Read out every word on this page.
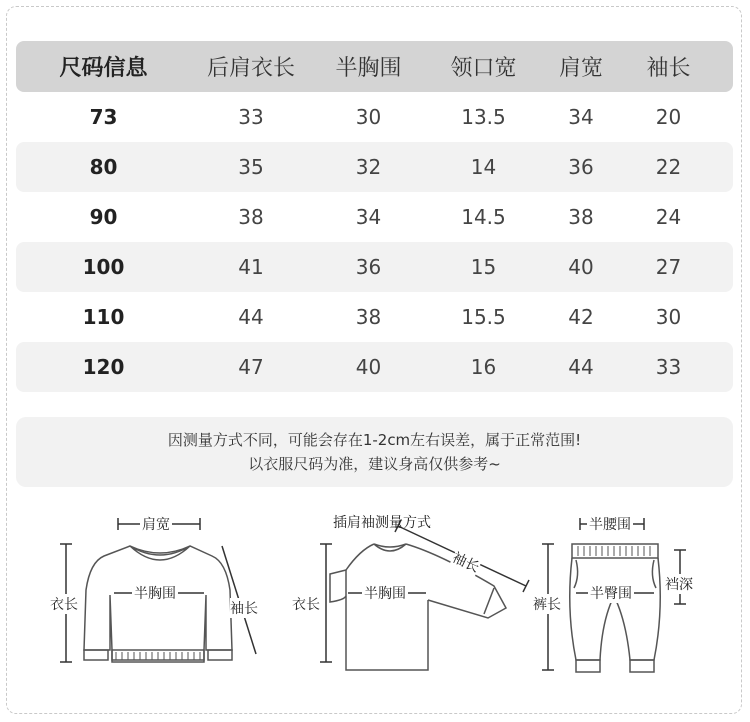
尺码信息	后肩衣长	半胸围	领口宽	肩宽	袖长
73	33	30	13.5	34	20
80	35	32	14	36	22
90	38	34	14.5	38	24
100	41	36	15	40	27
110	44	38	15.5	42	30
120	47	40	16	44	33
因测量方式不同，可能会存在1-2cm左右误差，属于正常范围!
以衣服尺码为准，建议身高仅供参考~
肩宽
半胸围
衣长	袖长
插肩袖测量方式
半胸围
衣长
袖长
半腰围
半臀围
裤长
裆深
